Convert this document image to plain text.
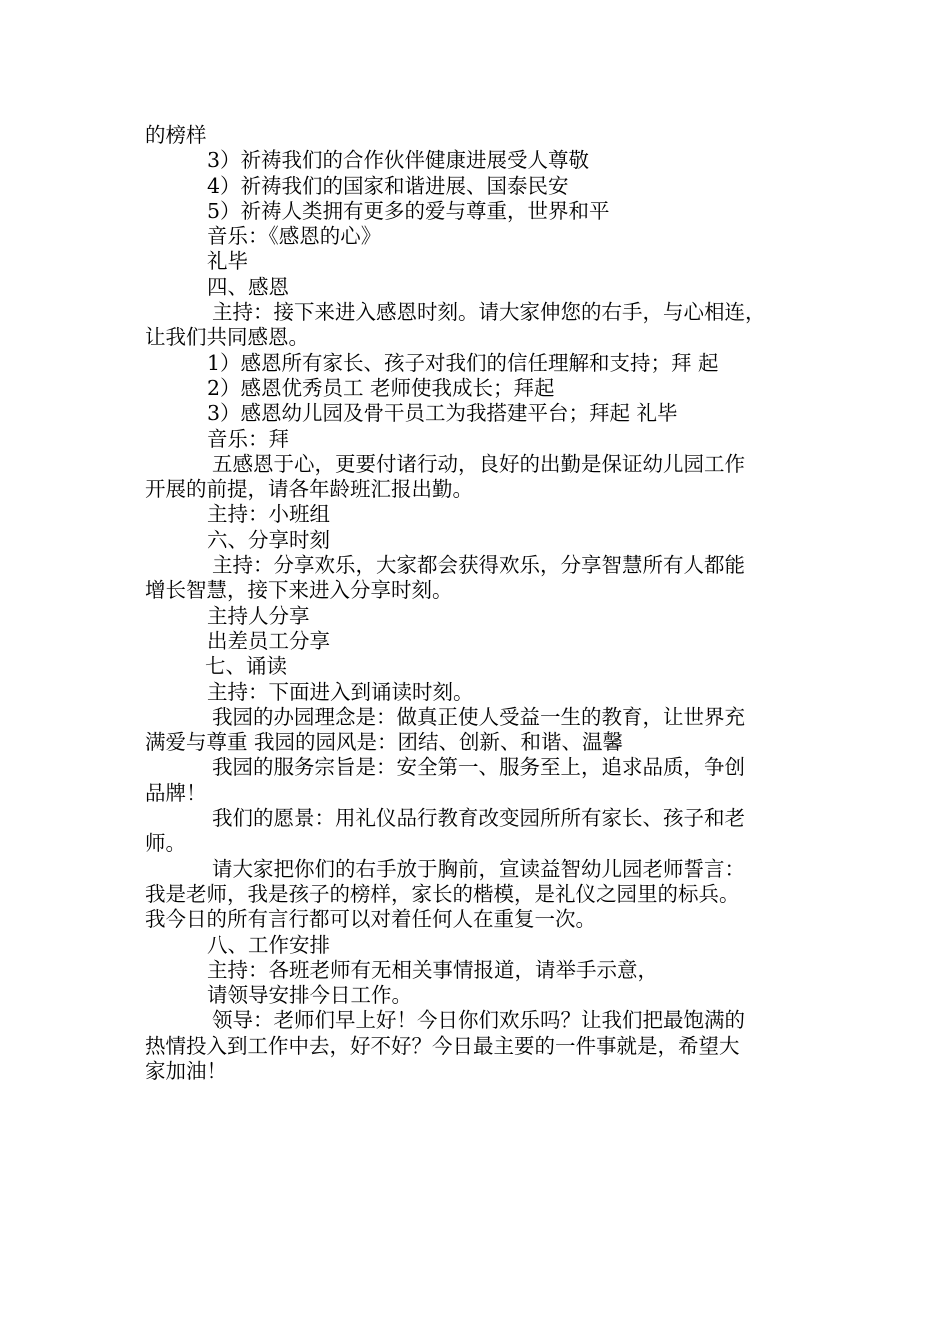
的榜样

3）祈祷我们的合作伙伴健康进展受人尊敬

4）祈祷我们的国家和谐进展、国泰民安

5）祈祷人类拥有更多的爱与尊重，世界和平

音乐：《感恩的心》

礼毕

四、感恩

主持：接下来进入感恩时刻。请大家伸您的右手，与心相连，

让我们共同感恩。

1）感恩所有家长、孩子对我们的信任理解和支持；拜 起

2）感恩优秀员工 老师使我成长；拜起

3）感恩幼儿园及骨干员工为我搭建平台；拜起 礼毕

音乐：拜

五感恩于心，更要付诸行动，良好的出勤是保证幼儿园工作

开展的前提，请各年龄班汇报出勤。

主持：小班组

六、分享时刻

主持：分享欢乐，大家都会获得欢乐，分享智慧所有人都能

增长智慧，接下来进入分享时刻。

主持人分享

出差员工分享

七、诵读

主持：下面进入到诵读时刻。

我园的办园理念是：做真正使人受益一生的教育，让世界充

满爱与尊重 我园的园风是：团结、创新、和谐、温馨

我园的服务宗旨是：安全第一、服务至上，追求品质，争创

品牌！

我们的愿景：用礼仪品行教育改变园所所有家长、孩子和老

师。

请大家把你们的右手放于胸前，宣读益智幼儿园老师誓言：

我是老师，我是孩子的榜样，家长的楷模，是礼仪之园里的标兵。

我今日的所有言行都可以对着任何人在重复一次。

八、工作安排

主持：各班老师有无相关事情报道，请举手示意，

请领导安排今日工作。

领导：老师们早上好！今日你们欢乐吗？让我们把最饱满的

热情投入到工作中去，好不好？今日最主要的一件事就是，希望大

家加油！
